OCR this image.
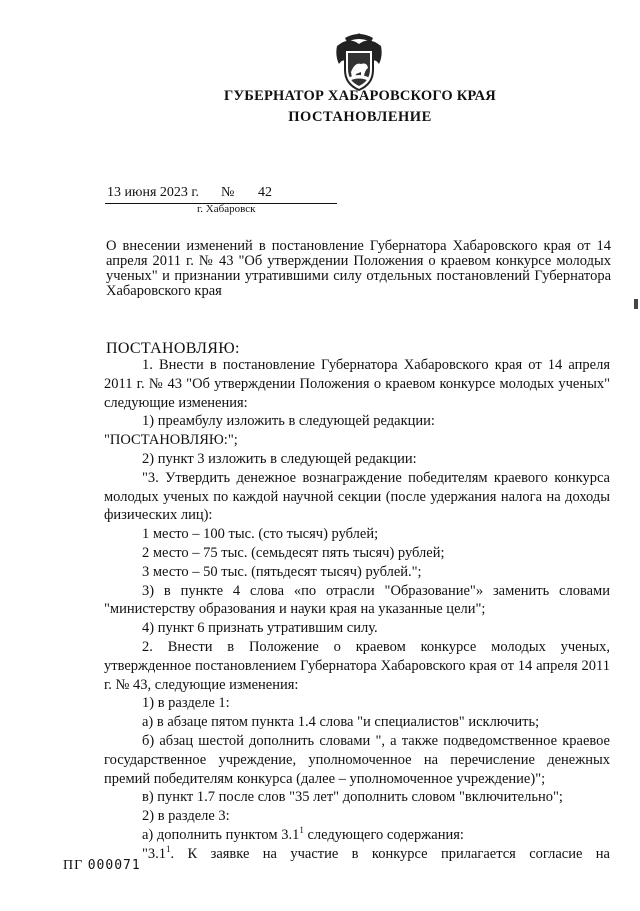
ГУБЕРНАТОР ХАБАРОВСКОГО КРАЯ
ПОСТАНОВЛЕНИЕ
13 июня 2023 г. № 42
г. Хабаровск
О внесении изменений в постановление Губернатора Хабаровского края от 14 апреля 2011 г. № 43 "Об утверждении Положения о краевом конкурсе молодых ученых" и признании утратившими силу отдельных постановлений Губернатора Хабаровского края
ПОСТАНОВЛЯЮ:

1. Внести в постановление Губернатора Хабаровского края от 14 апреля 2011 г. № 43 "Об утверждении Положения о краевом конкурсе молодых ученых" следующие изменения:

1) преамбулу изложить в следующей редакции:

"ПОСТАНОВЛЯЮ:";

2) пункт 3 изложить в следующей редакции:

"3. Утвердить денежное вознаграждение победителям краевого конкурса молодых ученых по каждой научной секции (после удержания налога на доходы физических лиц):

1 место – 100 тыс. (сто тысяч) рублей;

2 место – 75 тыс. (семьдесят пять тысяч) рублей;

3 место – 50 тыс. (пятьдесят тысяч) рублей.";

3) в пункте 4 слова «по отрасли "Образование"» заменить словами "министерству образования и науки края на указанные цели";

4) пункт 6 признать утратившим силу.

2. Внести в Положение о краевом конкурсе молодых ученых, утвержденное постановлением Губернатора Хабаровского края от 14 апреля 2011 г. № 43, следующие изменения:

1) в разделе 1:

а) в абзаце пятом пункта 1.4 слова "и специалистов" исключить;

б) абзац шестой дополнить словами ", а также подведомственное краевое государственное учреждение, уполномоченное на перечисление денежных премий победителям конкурса (далее – уполномоченное учреждение)";

в) пункт 1.7 после слов "35 лет" дополнить словом "включительно";

2) в разделе 3:

а) дополнить пунктом $3.1^1$ следующего содержания:

"$3.1^1$. К заявке на участие в конкурсе прилагается согласие на

ПГ 000071
